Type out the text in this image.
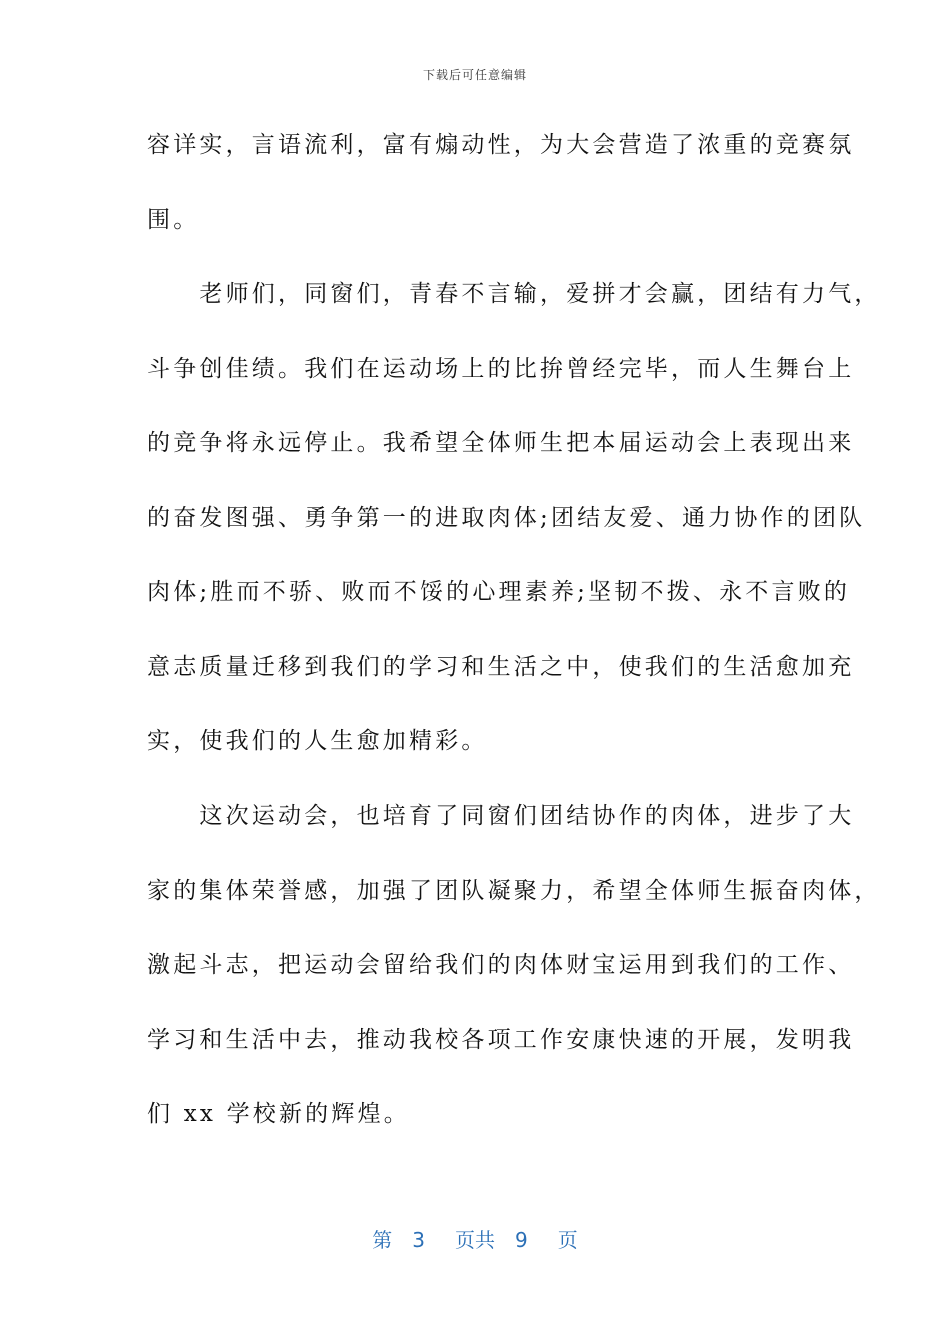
下载后可任意编辑
容详实，言语流利，富有煽动性，为大会营造了浓重的竞赛氛
围。
　　老师们，同窗们，青春不言输，爱拼才会赢，团结有力气，
斗争创佳绩。我们在运动场上的比拚曾经完毕，而人生舞台上
的竞争将永远停止。我希望全体师生把本届运动会上表现出来
的奋发图强、勇争第一的进取肉体;团结友爱、通力协作的团队
肉体;胜而不骄、败而不馁的心理素养;坚韧不拨、永不言败的
意志质量迁移到我们的学习和生活之中，使我们的生活愈加充
实，使我们的人生愈加精彩。
　　这次运动会，也培育了同窗们团结协作的肉体，进步了大
家的集体荣誉感，加强了团队凝聚力，希望全体师生振奋肉体，
激起斗志，把运动会留给我们的肉体财宝运用到我们的工作、
学习和生活中去，推动我校各项工作安康快速的开展，发明我
们 xx 学校新的辉煌。
第 3 页共 9 页
